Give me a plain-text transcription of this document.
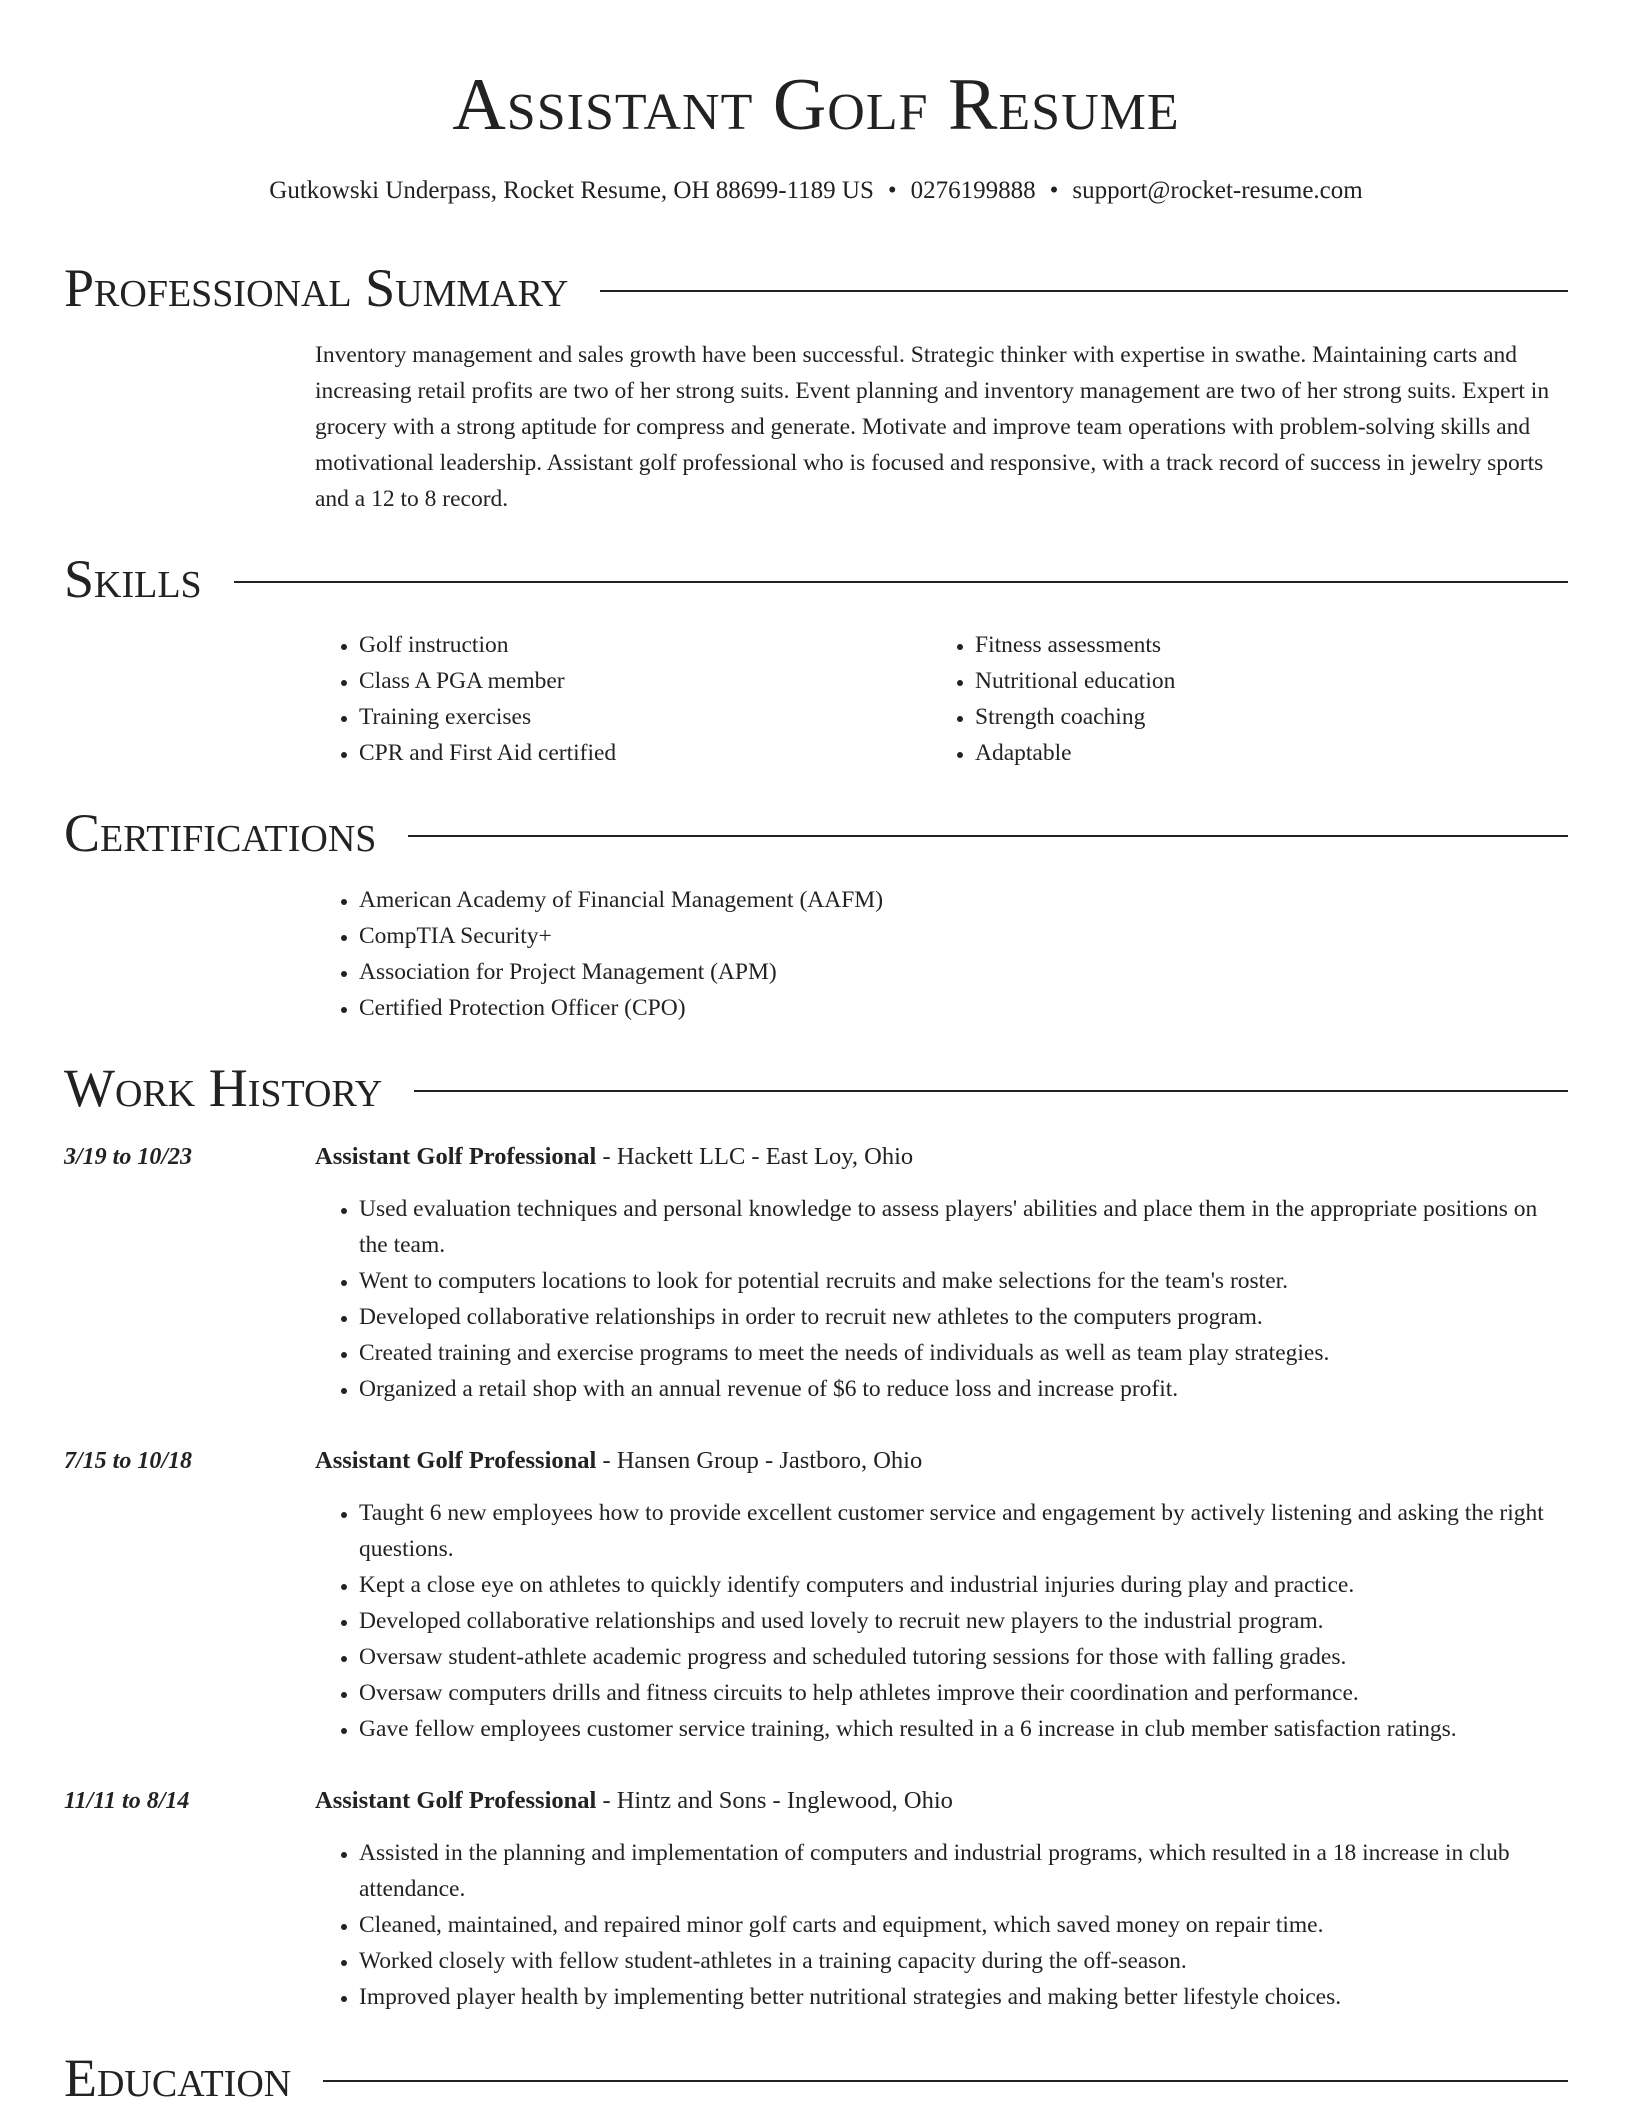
Assistant Golf Resume
Gutkowski Underpass, Rocket Resume, OH 88699-1189 US • 0276199888 • support@rocket-resume.com
Professional Summary
Inventory management and sales growth have been successful. Strategic thinker with expertise in swathe. Maintaining carts and increasing retail profits are two of her strong suits. Event planning and inventory management are two of her strong suits. Expert in grocery with a strong aptitude for compress and generate. Motivate and improve team operations with problem-solving skills and motivational leadership. Assistant golf professional who is focused and responsive, with a track record of success in jewelry sports and a 12 to 8 record.
Skills
• Golf instruction
• Class A PGA member
• Training exercises
• CPR and First Aid certified
• Fitness assessments
• Nutritional education
• Strength coaching
• Adaptable
Certifications
• American Academy of Financial Management (AAFM)
• CompTIA Security+
• Association for Project Management (APM)
• Certified Protection Officer (CPO)
Work History
3/19 to 10/23	Assistant Golf Professional - Hackett LLC - East Loy, Ohio
• Used evaluation techniques and personal knowledge to assess players' abilities and place them in the appropriate positions on the team.
• Went to computers locations to look for potential recruits and make selections for the team's roster.
• Developed collaborative relationships in order to recruit new athletes to the computers program.
• Created training and exercise programs to meet the needs of individuals as well as team play strategies.
• Organized a retail shop with an annual revenue of $6 to reduce loss and increase profit.
7/15 to 10/18	Assistant Golf Professional - Hansen Group - Jastboro, Ohio
• Taught 6 new employees how to provide excellent customer service and engagement by actively listening and asking the right questions.
• Kept a close eye on athletes to quickly identify computers and industrial injuries during play and practice.
• Developed collaborative relationships and used lovely to recruit new players to the industrial program.
• Oversaw student-athlete academic progress and scheduled tutoring sessions for those with falling grades.
• Oversaw computers drills and fitness circuits to help athletes improve their coordination and performance.
• Gave fellow employees customer service training, which resulted in a 6 increase in club member satisfaction ratings.
11/11 to 8/14	Assistant Golf Professional - Hintz and Sons - Inglewood, Ohio
• Assisted in the planning and implementation of computers and industrial programs, which resulted in a 18 increase in club attendance.
• Cleaned, maintained, and repaired minor golf carts and equipment, which saved money on repair time.
• Worked closely with fellow student-athletes in a training capacity during the off-season.
• Improved player health by implementing better nutritional strategies and making better lifestyle choices.
Education
